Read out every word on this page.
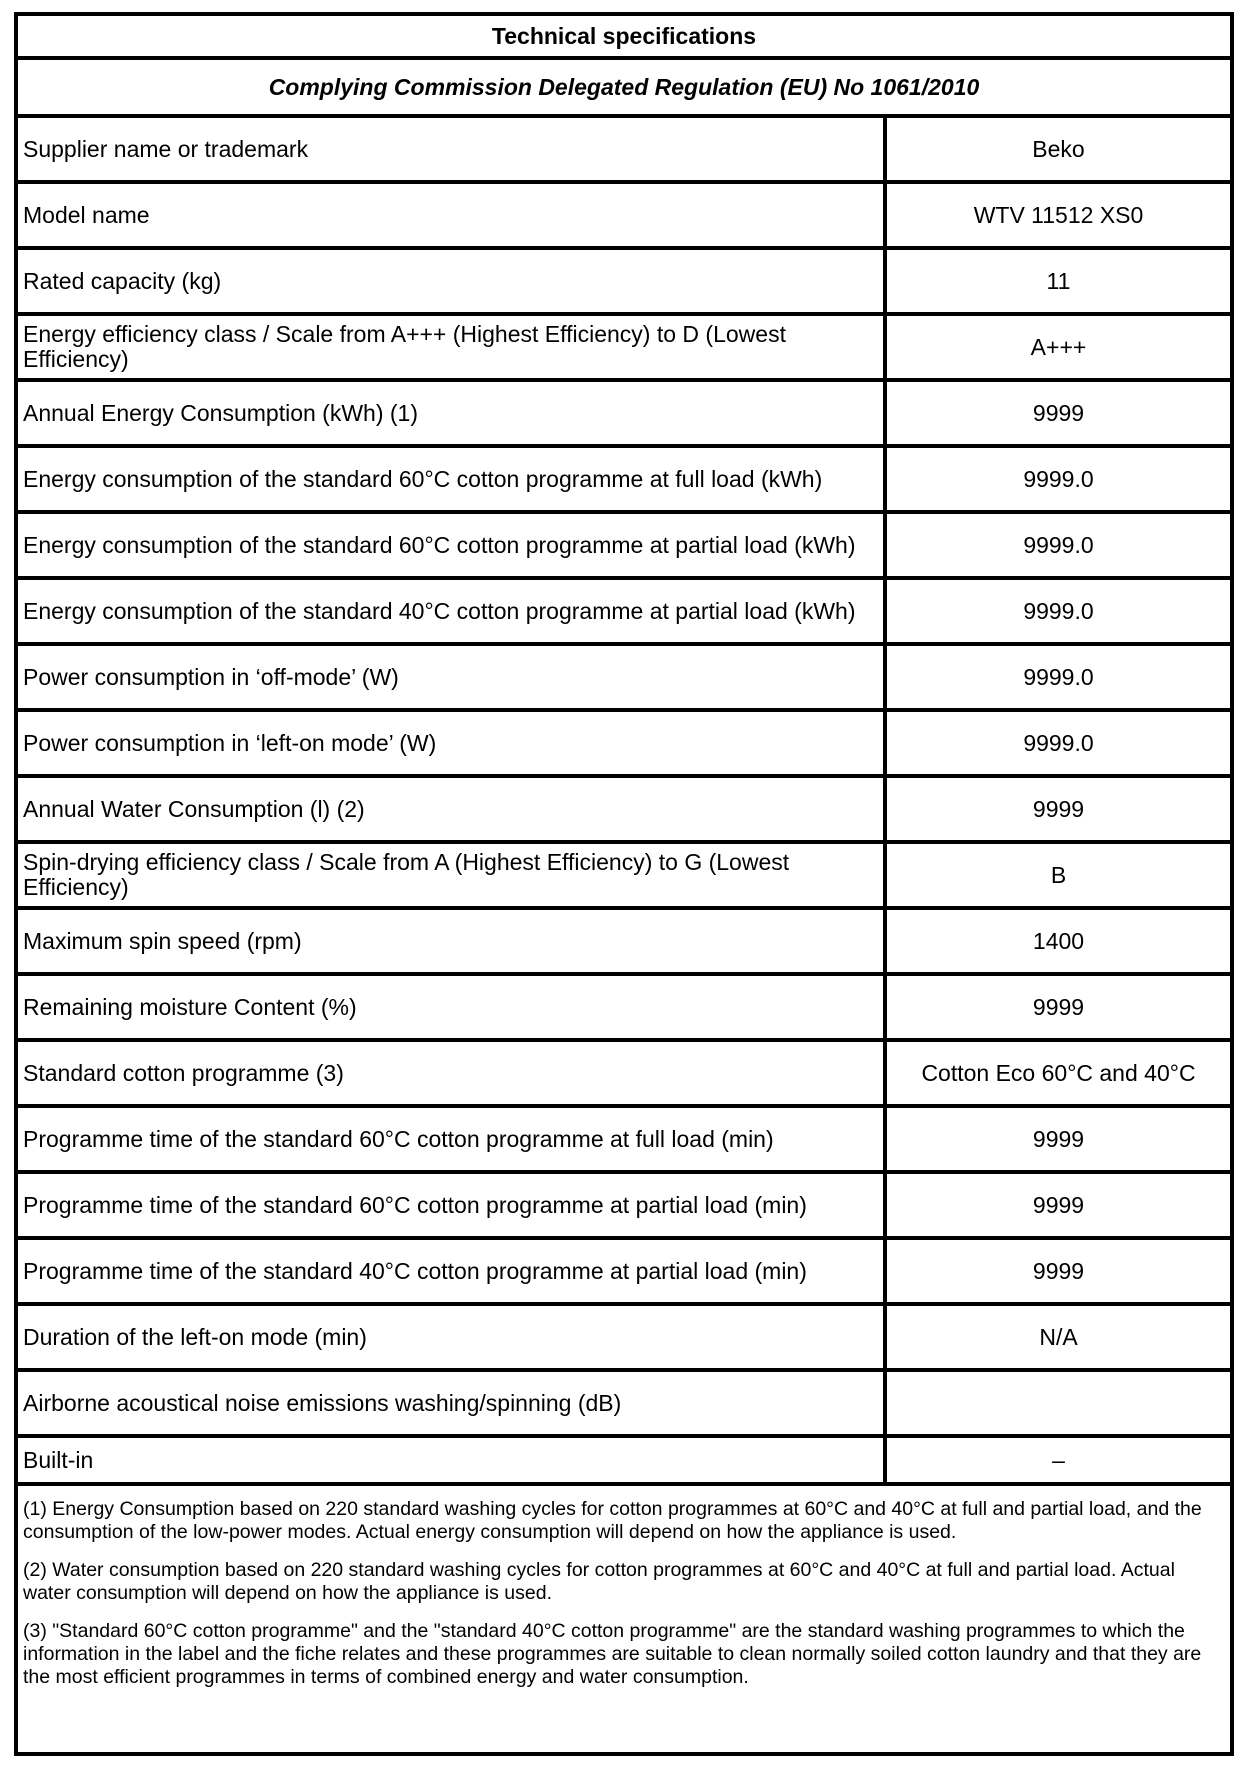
Technical specifications
Complying Commission Delegated Regulation (EU) No 1061/2010
Supplier name or trademark	Beko
Model name	WTV 11512 XS0
Rated capacity (kg)	11
Energy efficiency class / Scale from A+++ (Highest Efficiency) to D (Lowest Efficiency)	A+++
Annual Energy Consumption (kWh) (1)	9999
Energy consumption of the standard 60°C cotton programme at full load (kWh)	9999.0
Energy consumption of the standard 60°C cotton programme at partial load (kWh)	9999.0
Energy consumption of the standard 40°C cotton programme at partial load (kWh)	9999.0
Power consumption in ‘off-mode’ (W)	9999.0
Power consumption in ‘left-on mode’ (W)	9999.0
Annual Water Consumption (l) (2)	9999
Spin-drying efficiency class / Scale from A (Highest Efficiency) to G (Lowest Efficiency)	B
Maximum spin speed (rpm)	1400
Remaining moisture Content (%)	9999
Standard cotton programme (3)	Cotton Eco 60°C and 40°C
Programme time of the standard 60°C cotton programme at full load (min)	9999
Programme time of the standard 60°C cotton programme at partial load (min)	9999
Programme time of the standard 40°C cotton programme at partial load (min)	9999
Duration of the left-on mode (min)	N/A
Airborne acoustical noise emissions washing/spinning (dB)
Built-in	–

(1) Energy Consumption based on 220 standard washing cycles for cotton programmes at 60°C and 40°C at full and partial load, and the consumption of the low-power modes. Actual energy consumption will depend on how the appliance is used.

(2) Water consumption based on 220 standard washing cycles for cotton programmes at 60°C and 40°C at full and partial load. Actual water consumption will depend on how the appliance is used.

(3) "Standard 60°C cotton programme" and the "standard 40°C cotton programme" are the standard washing programmes to which the information in the label and the fiche relates and these programmes are suitable to clean normally soiled cotton laundry and that they are the most efficient programmes in terms of combined energy and water consumption.
